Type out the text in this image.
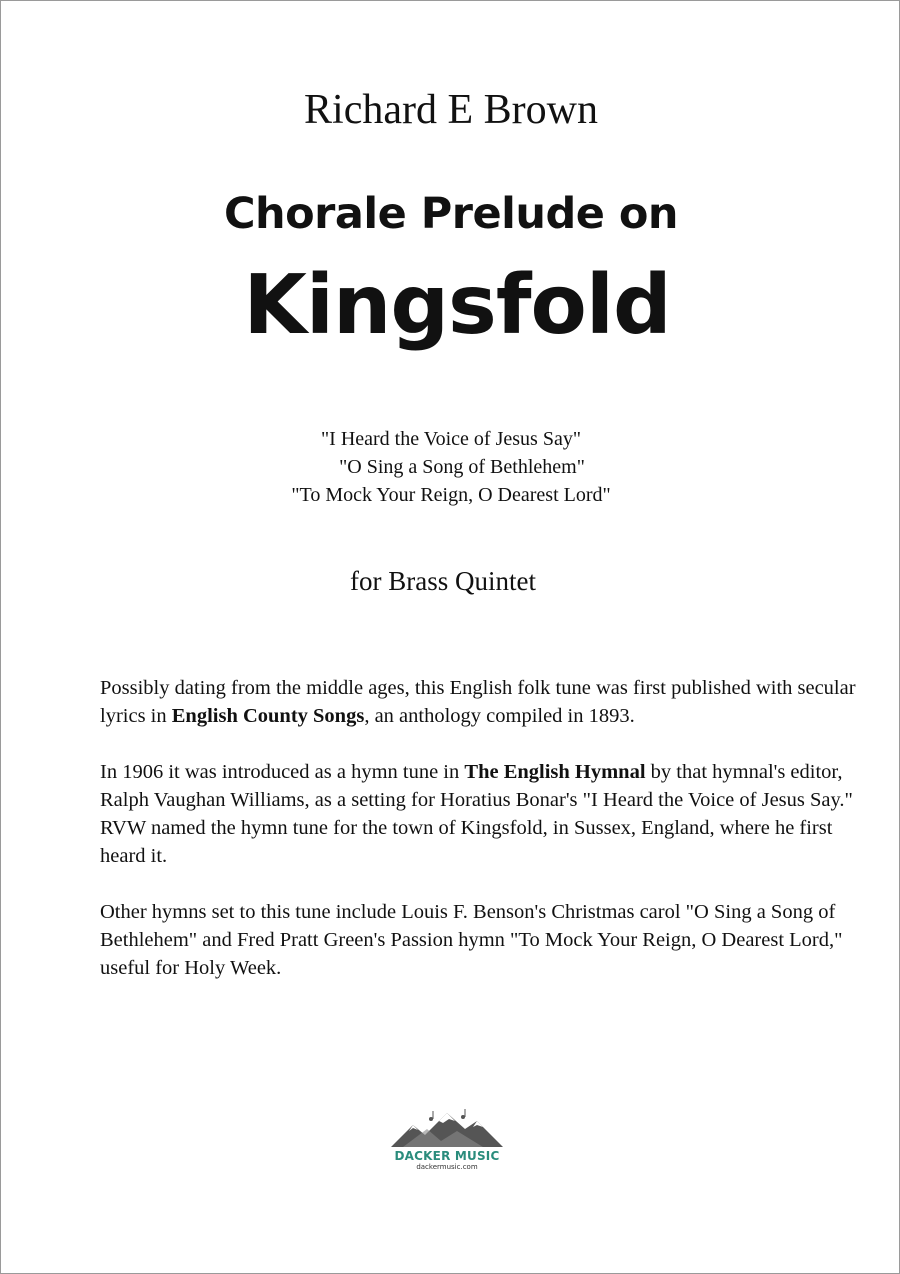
Richard E Brown
Chorale Prelude on
Kingsfold
"I Heard the Voice of Jesus Say"
"O Sing a Song of Bethlehem"
"To Mock Your Reign, O Dearest Lord"
for Brass Quintet

Possibly dating from the middle ages, this English folk tune was first published with secular lyrics in English County Songs, an anthology compiled in 1893.

In 1906 it was introduced as a hymn tune in The English Hymnal by that hymnal's editor, Ralph Vaughan Williams, as a setting for Horatius Bonar's "I Heard the Voice of Jesus Say." RVW named the hymn tune for the town of Kingsfold, in Sussex, England, where he first heard it.

Other hymns set to this tune include Louis F. Benson's Christmas carol "O Sing a Song of Bethlehem" and Fred Pratt Green's Passion hymn "To Mock Your Reign, O Dearest Lord," useful for Holy Week.

DACKER MUSIC
dackermusic.com
